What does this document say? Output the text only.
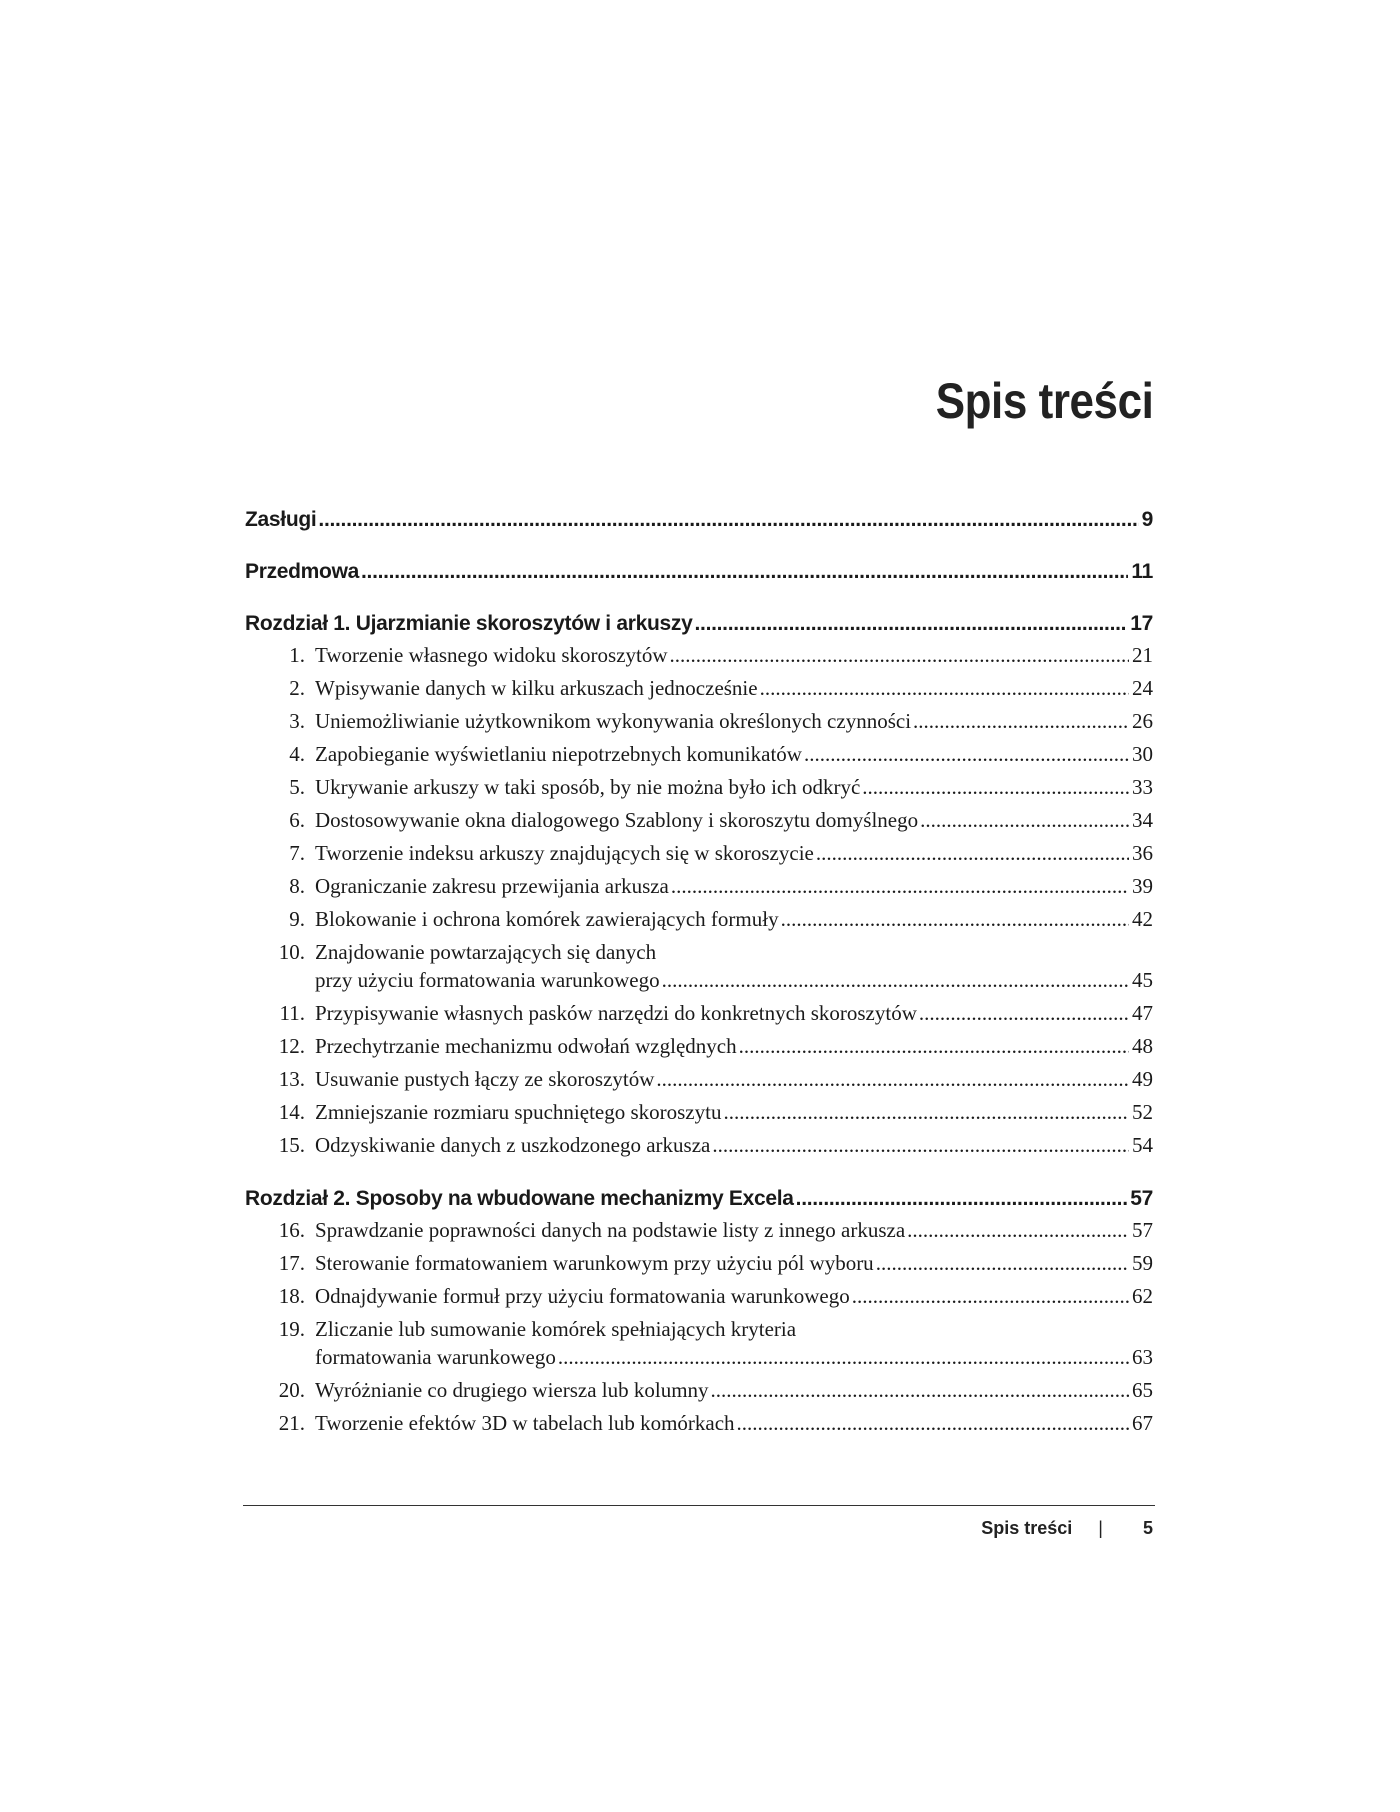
Spis treści
Zasługi .....	9
Przedmowa .....	11
Rozdział 1. Ujarzmianie skoroszytów i arkuszy .....	17
1. Tworzenie własnego widoku skoroszytów .....	21
2. Wpisywanie danych w kilku arkuszach jednocześnie .....	24
3. Uniemożliwianie użytkownikom wykonywania określonych czynności .....	26
4. Zapobieganie wyświetlaniu niepotrzebnych komunikatów .....	30
5. Ukrywanie arkuszy w taki sposób, by nie można było ich odkryć .....	33
6. Dostosowywanie okna dialogowego Szablony i skoroszytu domyślnego .....	34
7. Tworzenie indeksu arkuszy znajdujących się w skoroszycie .....	36
8. Ograniczanie zakresu przewijania arkusza .....	39
9. Blokowanie i ochrona komórek zawierających formuły .....	42
10. Znajdowanie powtarzających się danych
przy użyciu formatowania warunkowego .....	45
11. Przypisywanie własnych pasków narzędzi do konkretnych skoroszytów .....	47
12. Przechytrzanie mechanizmu odwołań względnych .....	48
13. Usuwanie pustych łączy ze skoroszytów .....	49
14. Zmniejszanie rozmiaru spuchniętego skoroszytu .....	52
15. Odzyskiwanie danych z uszkodzonego arkusza .....	54
Rozdział 2. Sposoby na wbudowane mechanizmy Excela .....	57
16. Sprawdzanie poprawności danych na podstawie listy z innego arkusza .....	57
17. Sterowanie formatowaniem warunkowym przy użyciu pól wyboru .....	59
18. Odnajdywanie formuł przy użyciu formatowania warunkowego .....	62
19. Zliczanie lub sumowanie komórek spełniających kryteria
formatowania warunkowego .....	63
20. Wyróżnianie co drugiego wiersza lub kolumny .....	65
21. Tworzenie efektów 3D w tabelach lub komórkach .....	67
Spis treści | 5
